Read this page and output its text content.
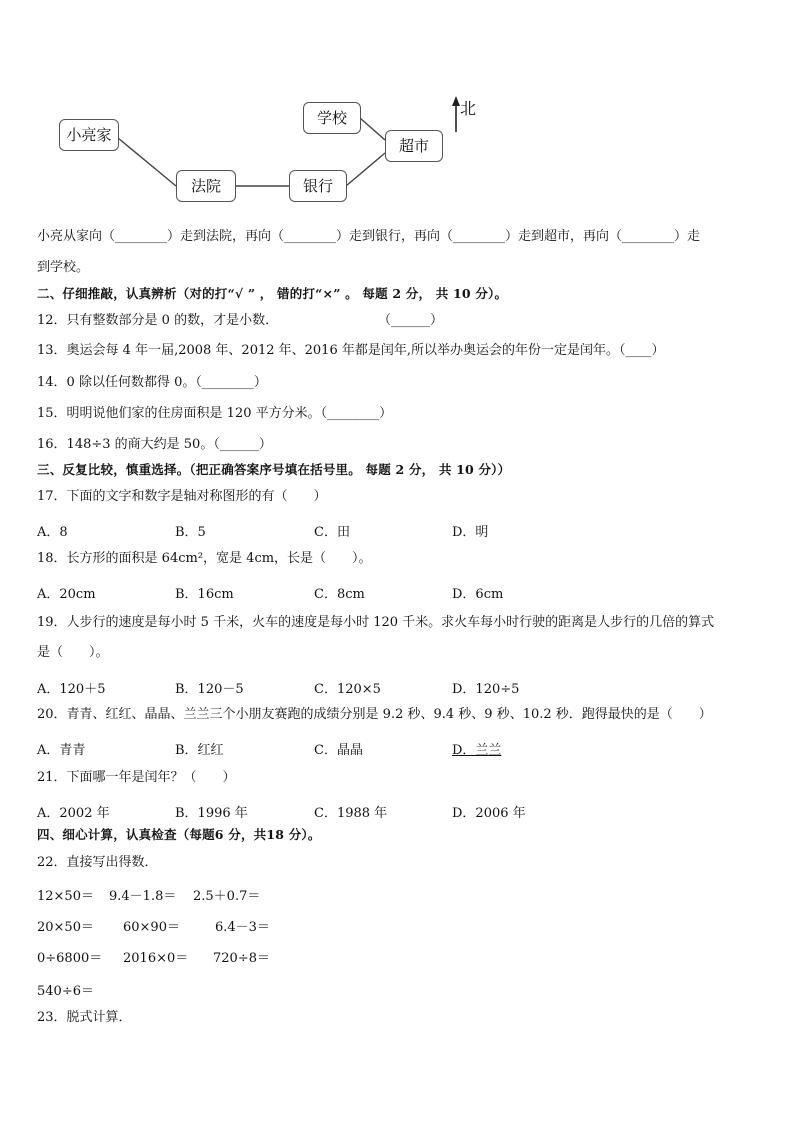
小亮家
法院	银行
学校
超市
北
小亮从家向（________）走到法院，再向（________）走到银行，再向（________）走到超市，再向（________）走
到学校。
二、仔细推敲，认真辨析（对的打“√ ” ， 错的打“×” 。 每题 2 分， 共 10 分）。
12．只有整数部分是 0 的数，才是小数．	（______）
13．奥运会每 4 年一届,2008 年、2012 年、2016 年都是闰年,所以举办奥运会的年份一定是闰年。（____）
14．0 除以任何数都得 0。（________）
15．明明说他们家的住房面积是 120 平方分米。（________）
16．148÷3 的商大约是 50。（______）
三、反复比较，慎重选择。（把正确答案序号填在括号里。 每题 2 分， 共 10 分））
17．下面的文字和数字是轴对称图形的有（　　）
A．8	B．5	C．田	D．明
18．长方形的面积是 64cm²，宽是 4cm，长是（　　）。
A．20cm	B．16cm	C．8cm	D．6cm
19．人步行的速度是每小时 5 千米，火车的速度是每小时 120 千米。求火车每小时行驶的距离是人步行的几倍的算式
是（　　）。
A．120＋5	B．120－5	C．120×5	D．120÷5
20．青青、红红、晶晶、兰兰三个小朋友赛跑的成绩分别是 9.2 秒、9.4 秒、9 秒、10.2 秒．跑得最快的是（　　）
A．青青	B．红红	C．晶晶	D．兰兰
21．下面哪一年是闰年？（　　）
A．2002 年	B．1996 年	C．1988 年	D．2006 年
四、细心计算，认真检查（每题6 分，共18 分）。
22．直接写出得数．
12×50＝ 9.4－1.8＝ 2.5＋0.7＝
20×50＝ 60×90＝	6.4－3＝
0÷6800＝ 2016×0＝ 720÷8＝
540÷6＝
23．脱式计算．
